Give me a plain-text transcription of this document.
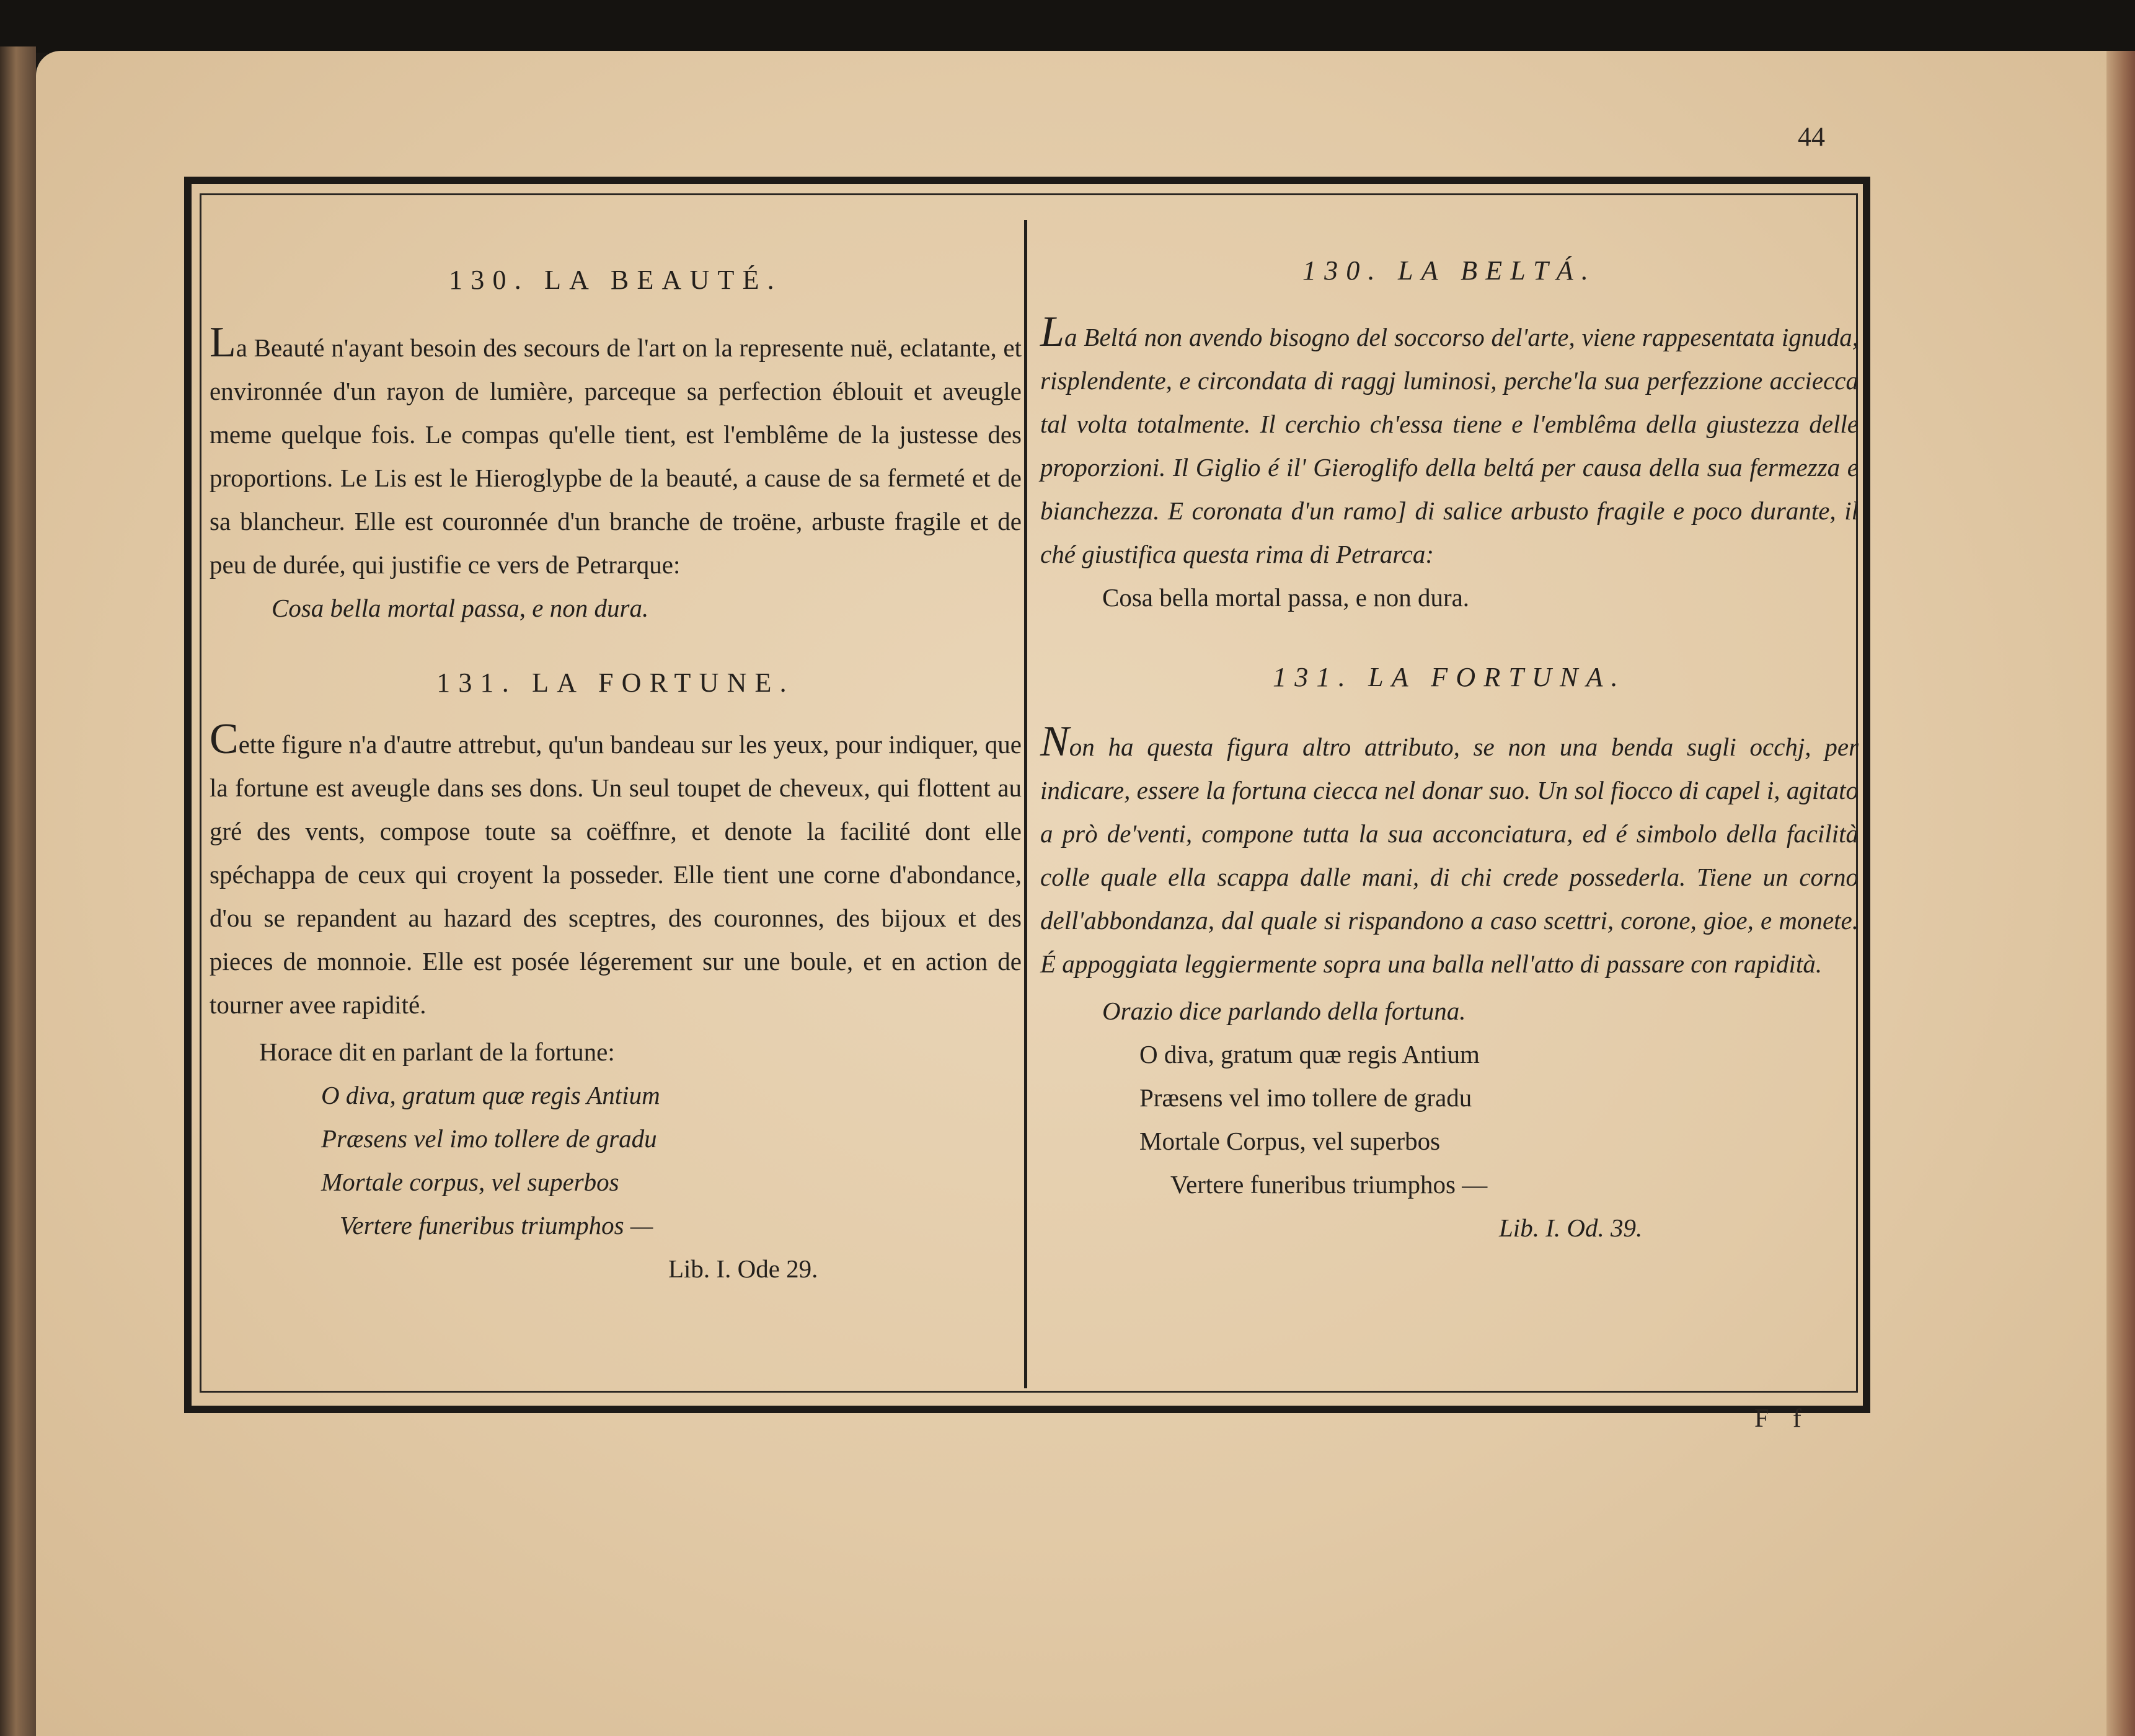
44

130. LA BEAUTÉ.

La Beauté n'ayant besoin des secours de l'art on la represente nuë, eclatante, et environnée d'un rayon de lumière, parceque sa perfection éblouit et aveugle meme quelque fois. Le compas qu'elle tient, est l'emblême de la justesse des proportions. Le Lis est le Hieroglypbe de la beauté, a cause de sa fermeté et de sa blancheur. Elle est couronnée d'un branche de troëne, arbuste fragile et de peu de durée, qui justifie ce vers de Petrarque:

Cosa bella mortal passa, e non dura.

131. LA FORTUNE.

Cette figure n'a d'autre attrebut, qu'un bandeau sur les yeux, pour indiquer, que la fortune est aveugle dans ses dons. Un seul toupet de cheveux, qui flottent au gré des vents, compose toute sa coëffnre, et denote la facilité dont elle spéchappa de ceux qui croyent la posseder. Elle tient une corne d'abondance, d'ou se repandent au hazard des sceptres, des couronnes, des bijoux et des pieces de monnoie. Elle est posée légerement sur une boule, et en action de tourner avee rapidité.

Horace dit en parlant de la fortune:

O diva, gratum quæ regis Antium

Præsens vel imo tollere de gradu

Mortale corpus, vel superbos

Vertere funeribus triumphos —

Lib. I. Ode 29.

130. LA BELTÁ.

La Beltá non avendo bisogno del soccorso del'arte, viene rappesentata ignuda, risplendente, e circondata di raggj luminosi, perche'la sua perfezzione acciecca tal volta totalmente. Il cerchio ch'essa tiene e l'emblêma della giustezza delle proporzioni. Il Giglio é il' Gieroglifo della beltá per causa della sua fermezza e bianchezza. E coronata d'un ramo] di salice arbusto fragile e poco durante, il ché giustifica questa rima di Petrarca:

Cosa bella mortal passa, e non dura.

131. LA FORTUNA.

Non ha questa figura altro attributo, se non una benda sugli occhj, per indicare, essere la fortuna ciecca nel donar suo. Un sol fiocco di capel i, agitato a prò de'venti, compone tutta la sua acconciatura, ed é simbolo della facilità colle quale ella scappa dalle mani, di chi crede possederla. Tiene un corno dell'abbondanza, dal quale si rispandono a caso scettri, corone, gioe, e monete. É appoggiata leggiermente sopra una balla nell'atto di passare con rapidità.

Orazio dice parlando della fortuna.

O diva, gratum quæ regis Antium

Præsens vel imo tollere de gradu

Mortale Corpus, vel superbos

Vertere funeribus triumphos —

Lib. I. Od. 39.

F f
